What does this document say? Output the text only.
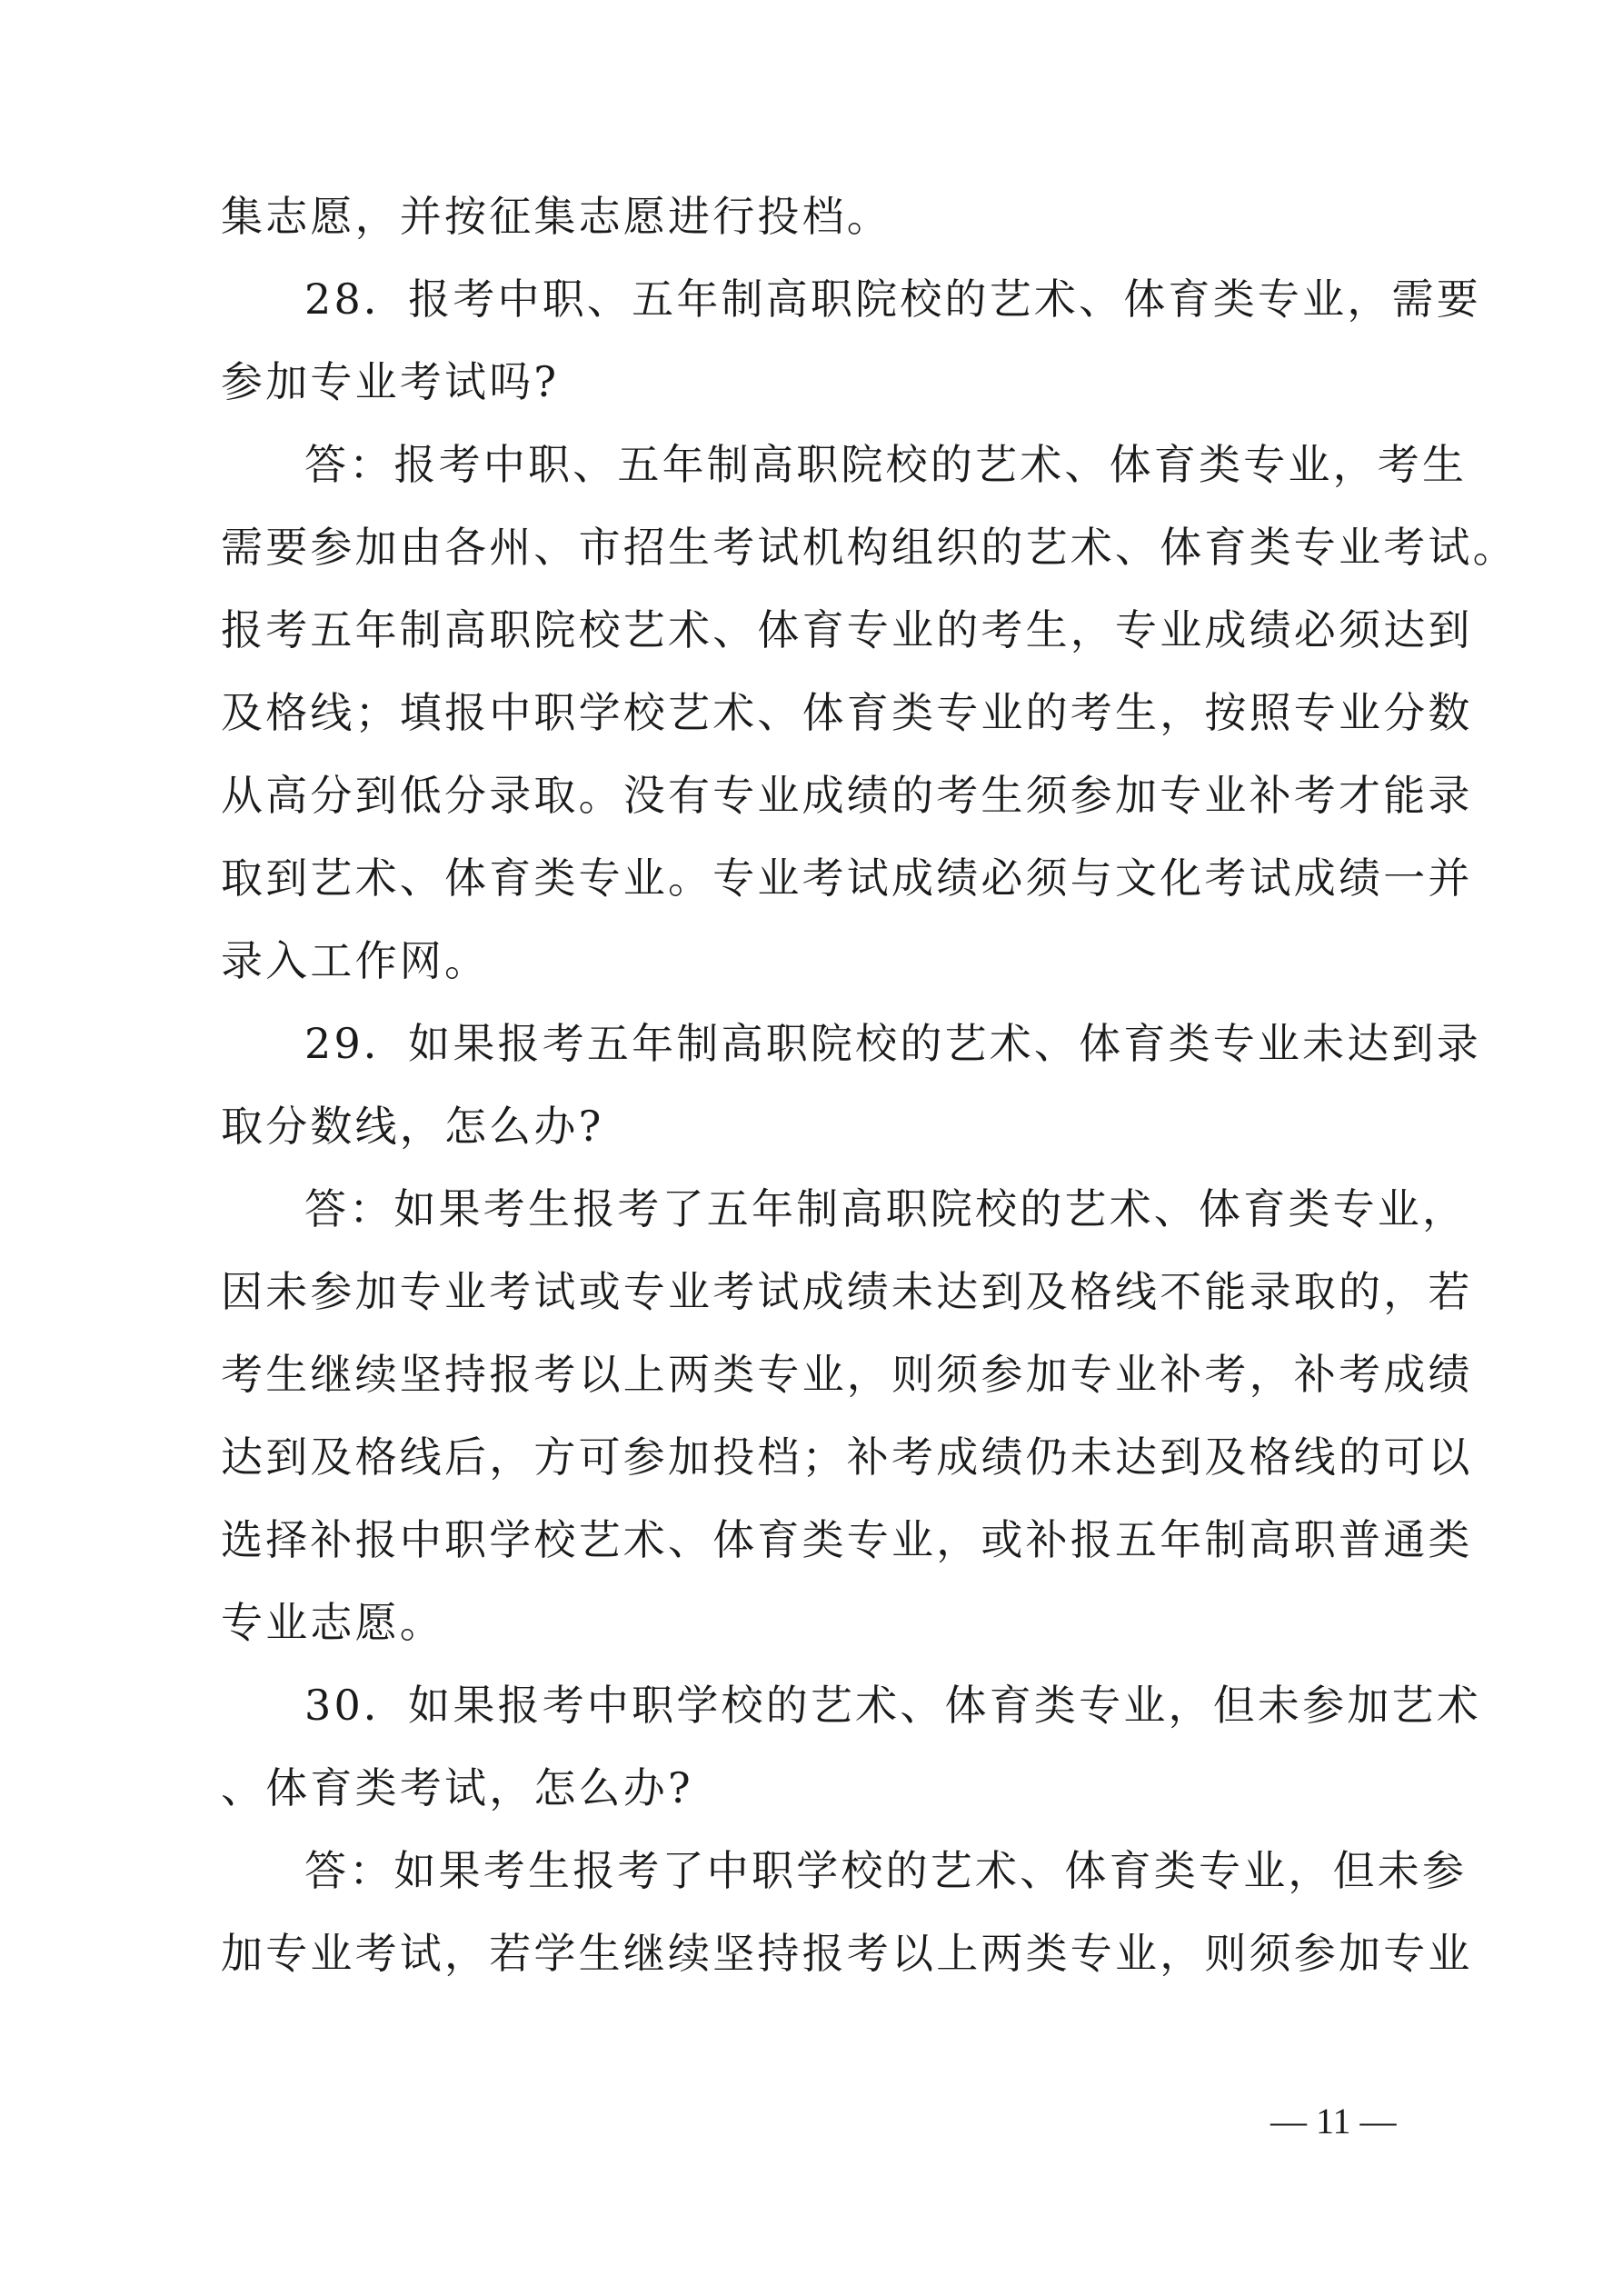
集志愿，并按征集志愿进行投档。
28．报考中职、五年制高职院校的艺术、体育类专业，需要
参加专业考试吗?
答：报考中职、五年制高职院校的艺术、体育类专业，考生
需要参加由各州、市招生考试机构组织的艺术、体育类专业考试。
报考五年制高职院校艺术、体育专业的考生，专业成绩必须达到
及格线；填报中职学校艺术、体育类专业的考生，按照专业分数
从高分到低分录取。没有专业成绩的考生须参加专业补考才能录
取到艺术、体育类专业。专业考试成绩必须与文化考试成绩一并
录入工作网。
29．如果报考五年制高职院校的艺术、体育类专业未达到录
取分数线，怎么办?
答：如果考生报考了五年制高职院校的艺术、体育类专业，
因未参加专业考试或专业考试成绩未达到及格线不能录取的，若
考生继续坚持报考以上两类专业，则须参加专业补考，补考成绩
达到及格线后，方可参加投档；补考成绩仍未达到及格线的可以
选择补报中职学校艺术、体育类专业，或补报五年制高职普通类
专业志愿。
30．如果报考中职学校的艺术、体育类专业，但未参加艺术
、体育类考试，怎么办?
答：如果考生报考了中职学校的艺术、体育类专业，但未参
加专业考试，若学生继续坚持报考以上两类专业，则须参加专业
— 11 —
